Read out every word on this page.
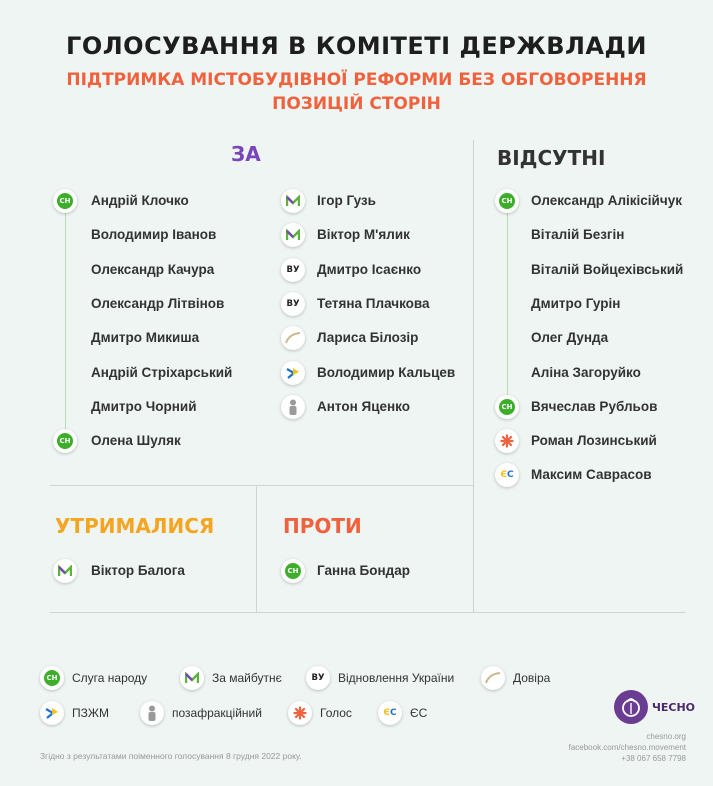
ГОЛОСУВАННЯ В КОМІТЕТІ ДЕРЖВЛАДИ
ПІДТРИМКА МІСТОБУДІВНОЇ РЕФОРМИ БЕЗ ОБГОВОРЕННЯ ПОЗИЦІЙ СТОРІН
ЗА	ВІДСУТНІ
УТРИМАЛИСЯ	ПРОТИ
СН Андрій Клочко
Володимир Іванов
Олександр Качура
Олександр Літвінов
Дмитро Микиша
Андрій Стріхарський
Дмитро Чорний
СН Олена Шуляк
Ігор Гузь
Віктор М'ялик
ВУ Дмитро Ісаєнко
ВУ Тетяна Плачкова
Лариса Білозір
Володимир Кальцев
Антон Яценко
СН Олександр Алікісійчук
Віталій Безгін
Віталій Войцехівський
Дмитро Гурін
Олег Дунда
Аліна Загоруйко
СН Вячеслав Рубльов
Роман Лозинський
ЄС Максим Саврасов
Віктор Балога	СН Ганна Бондар
СН Слуга народу	За майбутнє	ВУ Відновлення України	Довіра
ПЗЖМ	позафракційний	Голос	ЄС ЄС	ЧЕСНО
chesno.org
facebook.com/chesno.movement
+38 067 658 7798
Згідно з результатами поіменного голосування 8 грудня 2022 року.
